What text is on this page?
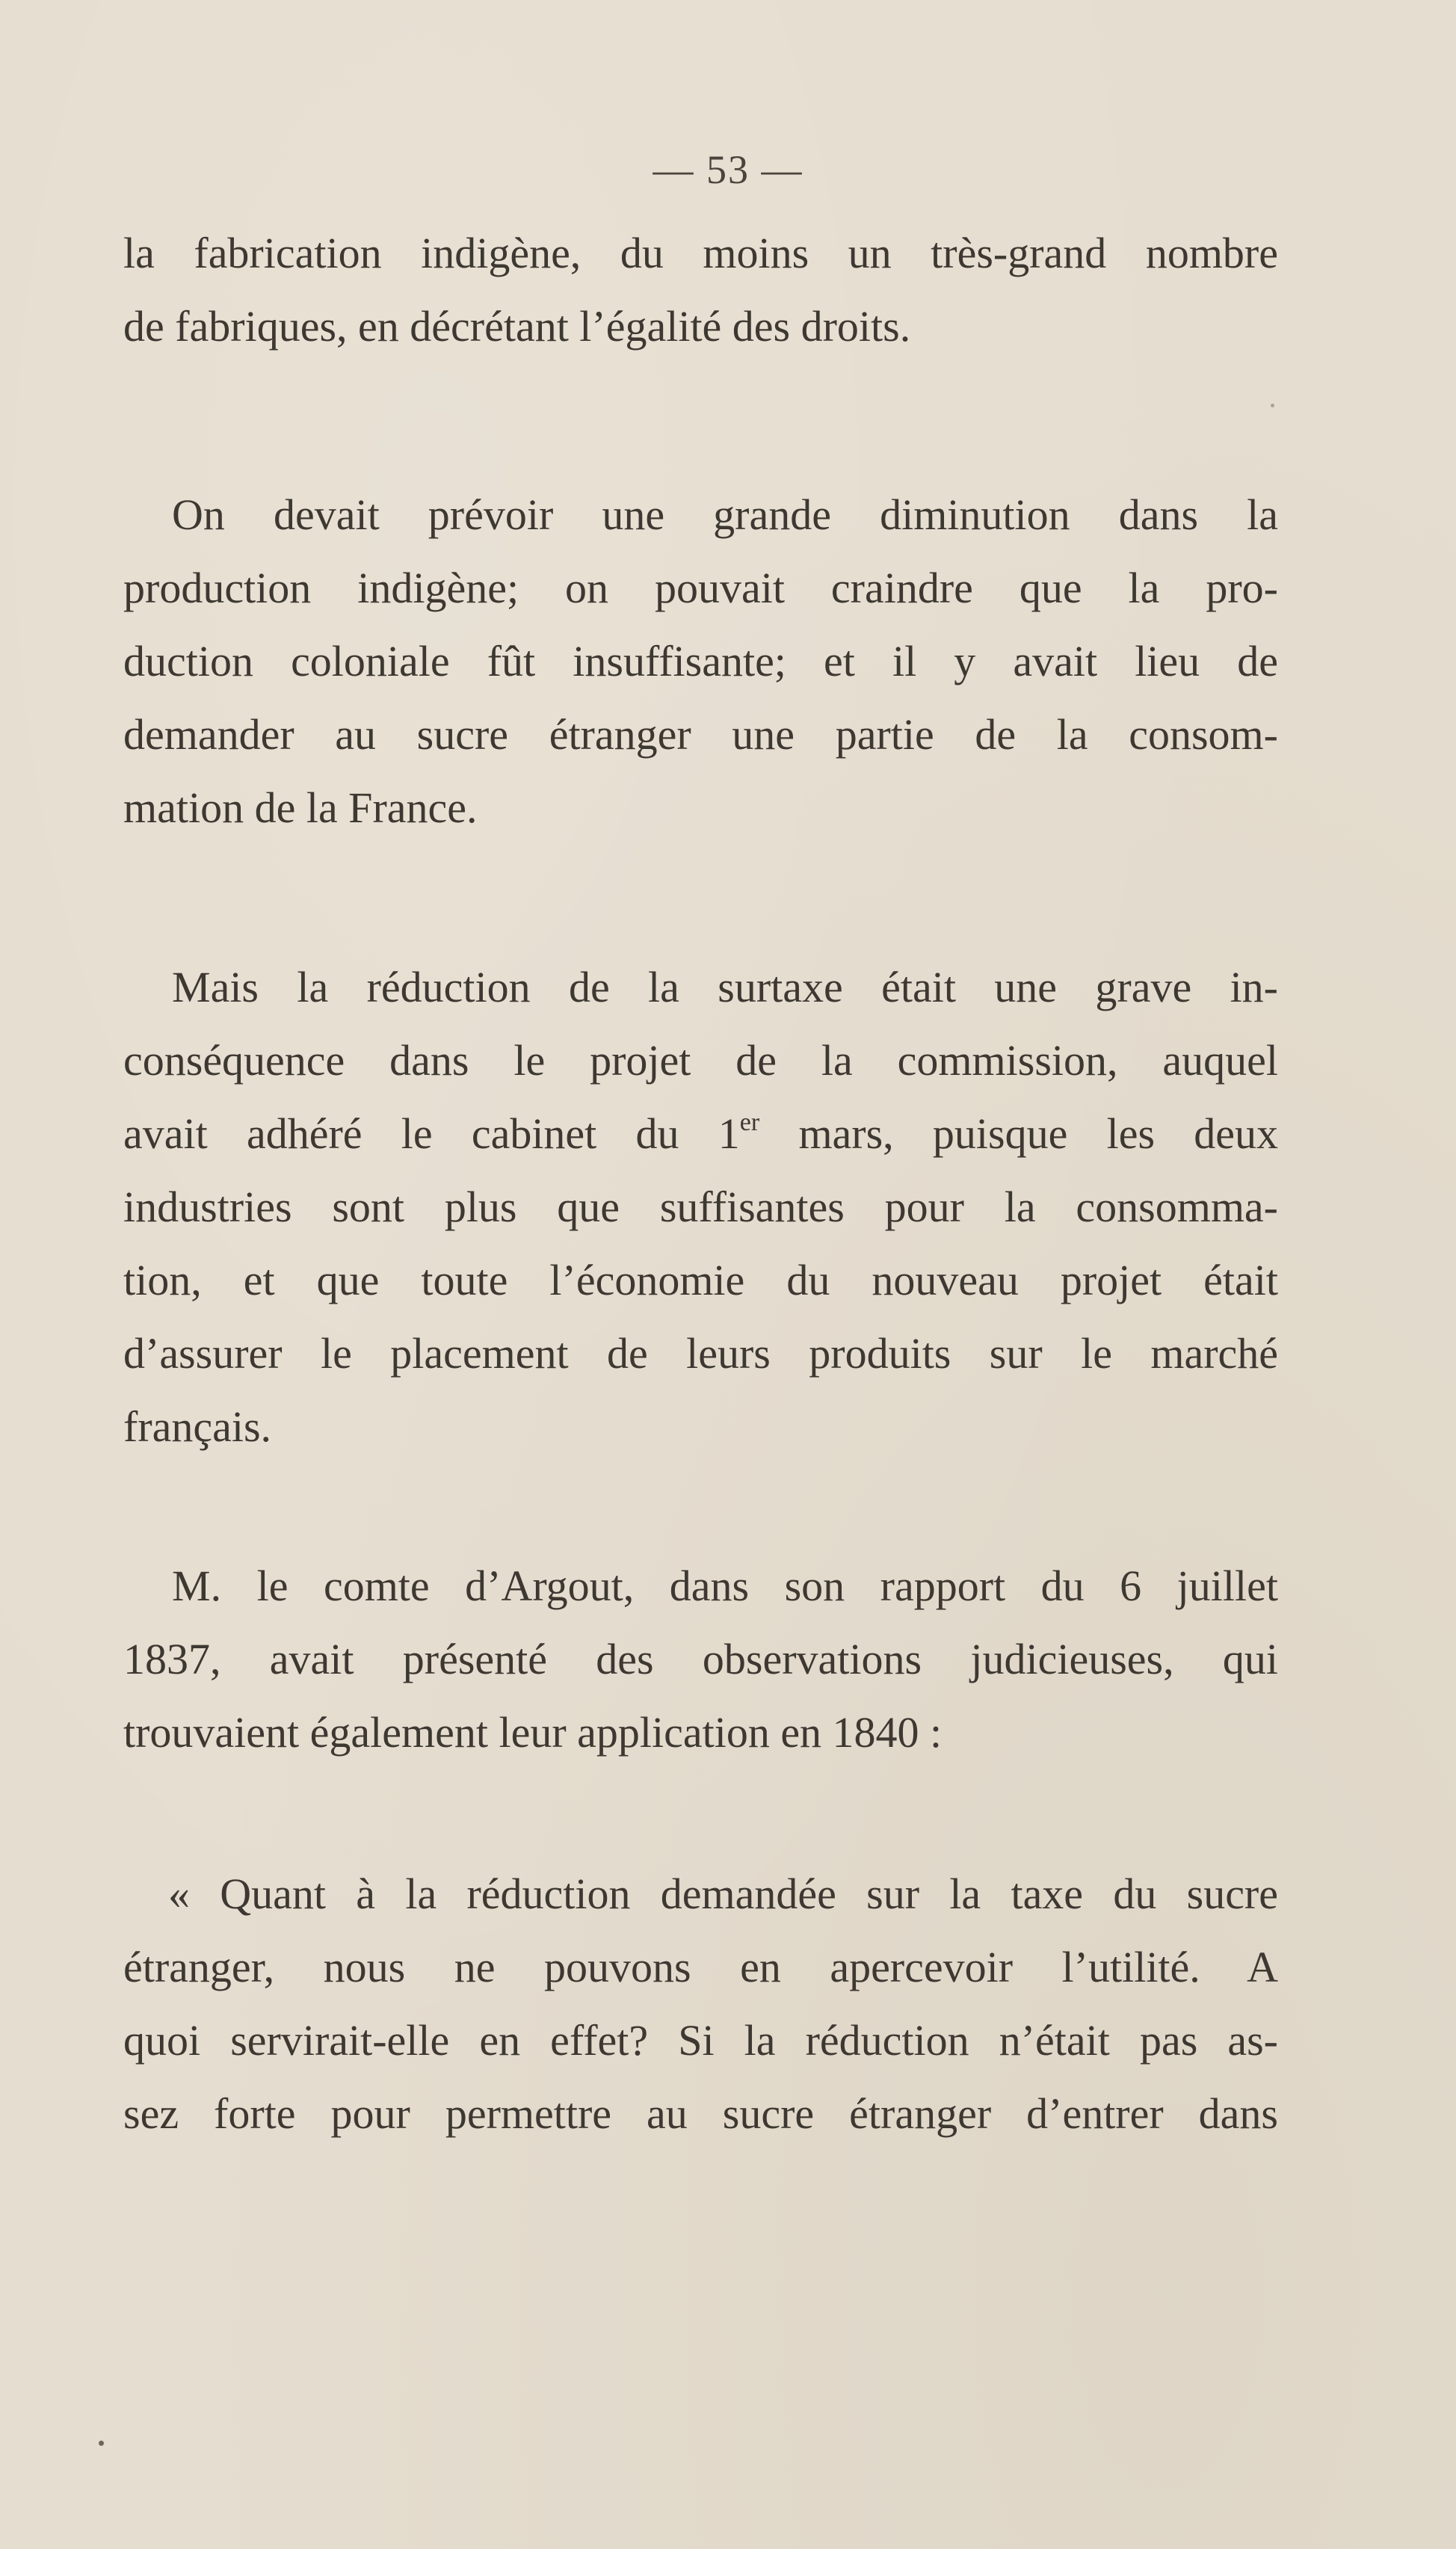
— 53 —
la fabrication indigène, du moins un très-grand nombre
de fabriques, en décrétant l’égalité des droits.
On devait prévoir une grande diminution dans la
production indigène; on pouvait craindre que la pro-
duction coloniale fût insuffisante; et il y avait lieu de
demander au sucre étranger une partie de la consom-
mation de la France.
Mais la réduction de la surtaxe était une grave in-
conséquence dans le projet de la commission, auquel
avait adhéré le cabinet du 1er mars, puisque les deux
industries sont plus que suffisantes pour la consomma-
tion, et que toute l’économie du nouveau projet était
d’assurer le placement de leurs produits sur le marché
français.
M. le comte d’Argout, dans son rapport du 6 juillet
1837, avait présenté des observations judicieuses, qui
trouvaient également leur application en 1840 :
« Quant à la réduction demandée sur la taxe du sucre
étranger, nous ne pouvons en apercevoir l’utilité. A
quoi servirait-elle en effet? Si la réduction n’était pas as-
sez forte pour permettre au sucre étranger d’entrer dans
